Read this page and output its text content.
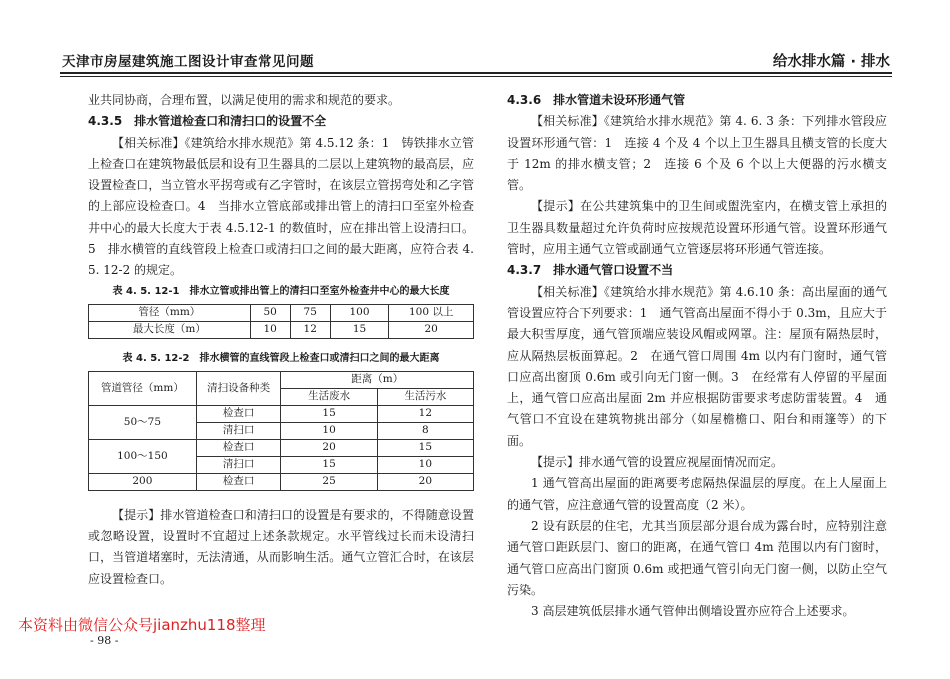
天津市房屋建筑施工图设计审查常见问题	给水排水篇 · 排水

业共同协商，合理布置，以满足使用的需求和规范的要求。

4.3.5　排水管道检查口和清扫口的设置不全

【相关标准】《建筑给水排水规范》第 4.5.12 条：1　铸铁排水立管上检查口在建筑物最低层和设有卫生器具的二层以上建筑物的最高层，应设置检查口，当立管水平拐弯或有乙字管时，在该层立管拐弯处和乙字管的上部应设检查口。4　当排水立管底部或排出管上的清扫口至室外检查井中心的最大长度大于表 4.5.12-1 的数值时，应在排出管上设清扫口。5　排水横管的直线管段上检查口或清扫口之间的最大距离，应符合表 4. 5. 12-2 的规定。

表 4. 5. 12-1　排水立管或排出管上的清扫口至室外检查井中心的最大长度
管径（mm）	50	75	100	100 以上
最大长度（m）	10	12	15	20
表 4. 5. 12-2　排水横管的直线管段上检查口或清扫口之间的最大距离
管道管径（mm）	清扫设备种类	距离（m）	
		生活废水	生活污水
50～75	检查口	15	12
	清扫口	10	8
100～150	检查口	20	15
	清扫口	15	10
200	检查口	25	20

【提示】排水管道检查口和清扫口的设置是有要求的，不得随意设置或忽略设置，设置时不宜超过上述条款规定。水平管线过长而未设清扫口，当管道堵塞时，无法清通，从而影响生活。通气立管汇合时，在该层应设置检查口。

4.3.6　排水管道未设环形通气管

【相关标准】《建筑给水排水规范》第 4. 6. 3 条：下列排水管段应设置环形通气管：1　连接 4 个及 4 个以上卫生器具且横支管的长度大于 12m 的排水横支管；2　连接 6 个及 6 个以上大便器的污水横支管。

【提示】在公共建筑集中的卫生间或盥洗室内，在横支管上承担的卫生器具数量超过允许负荷时应按规范设置环形通气管。设置环形通气管时，应用主通气立管或副通气立管逐层将环形通气管连接。

4.3.7　排水通气管口设置不当

【相关标准】《建筑给水排水规范》第 4.6.10 条：高出屋面的通气管设置应符合下列要求：1　通气管高出屋面不得小于 0.3m，且应大于最大积雪厚度，通气管顶端应装设风帽或网罩。注：屋顶有隔热层时，应从隔热层板面算起。2　在通气管口周围 4m 以内有门窗时，通气管口应高出窗顶 0.6m 或引向无门窗一侧。3　在经常有人停留的平屋面上，通气管口应高出屋面 2m 并应根据防雷要求考虑防雷装置。4　通气管口不宜设在建筑物挑出部分（如屋檐檐口、阳台和雨篷等）的下面。

【提示】排水通气管的设置应视屋面情况而定。

1 通气管高出屋面的距离要考虑隔热保温层的厚度。在上人屋面上的通气管，应注意通气管的设置高度（2 米）。

2 设有跃层的住宅，尤其当顶层部分退台成为露台时，应特别注意通气管口距跃层门、窗口的距离，在通气管口 4m 范围以内有门窗时，通气管口应高出门窗顶 0.6m 或把通气管引向无门窗一侧，以防止空气污染。

3 高层建筑低层排水通气管伸出侧墙设置亦应符合上述要求。

本资料由微信公众号jianzhu118整理
- 98 -
